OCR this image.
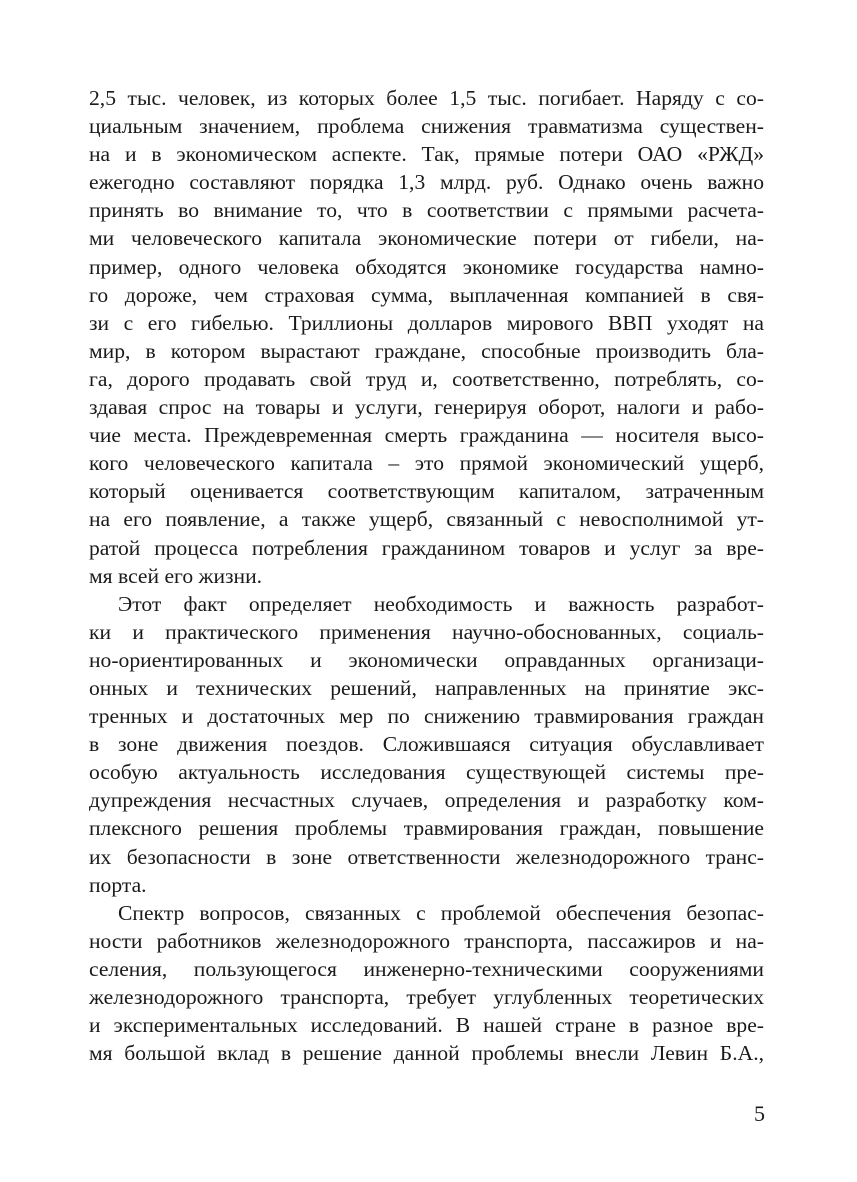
2,5 тыс. человек, из которых более 1,5 тыс. погибает. Наряду с со-
циальным значением, проблема снижения травматизма существен-
на и в экономическом аспекте. Так, прямые потери ОАО «РЖД»
ежегодно составляют порядка 1,3 млрд. руб. Однако очень важно
принять во внимание то, что в соответствии с прямыми расчета-
ми человеческого капитала экономические потери от гибели, на-
пример, одного человека обходятся экономике государства намно-
го дороже, чем страховая сумма, выплаченная компанией в свя-
зи с его гибелью. Триллионы долларов мирового ВВП уходят на
мир, в котором вырастают граждане, способные производить бла-
га, дорого продавать свой труд и, соответственно, потреблять, со-
здавая спрос на товары и услуги, генерируя оборот, налоги и рабо-
чие места. Преждевременная смерть гражданина — носителя высо-
кого человеческого капитала – это прямой экономический ущерб,
который оценивается соответствующим капиталом, затраченным
на его появление, а также ущерб, связанный с невосполнимой ут-
ратой процесса потребления гражданином товаров и услуг за вре-
мя всей его жизни.
Этот факт определяет необходимость и важность разработ-
ки и практического применения научно-обоснованных, социаль-
но-ориентированных и экономически оправданных организаци-
онных и технических решений, направленных на принятие экс-
тренных и достаточных мер по снижению травмирования граждан
в зоне движения поездов. Сложившаяся ситуация обуславливает
особую актуальность исследования существующей системы пре-
дупреждения несчастных случаев, определения и разработку ком-
плексного решения проблемы травмирования граждан, повышение
их безопасности в зоне ответственности железнодорожного транс-
порта.
Спектр вопросов, связанных с проблемой обеспечения безопас-
ности работников железнодорожного транспорта, пассажиров и на-
селения, пользующегося инженерно-техническими сооружениями
железнодорожного транспорта, требует углубленных теоретических
и экспериментальных исследований. В нашей стране в разное вре-
мя большой вклад в решение данной проблемы внесли Левин Б.А.,
5
